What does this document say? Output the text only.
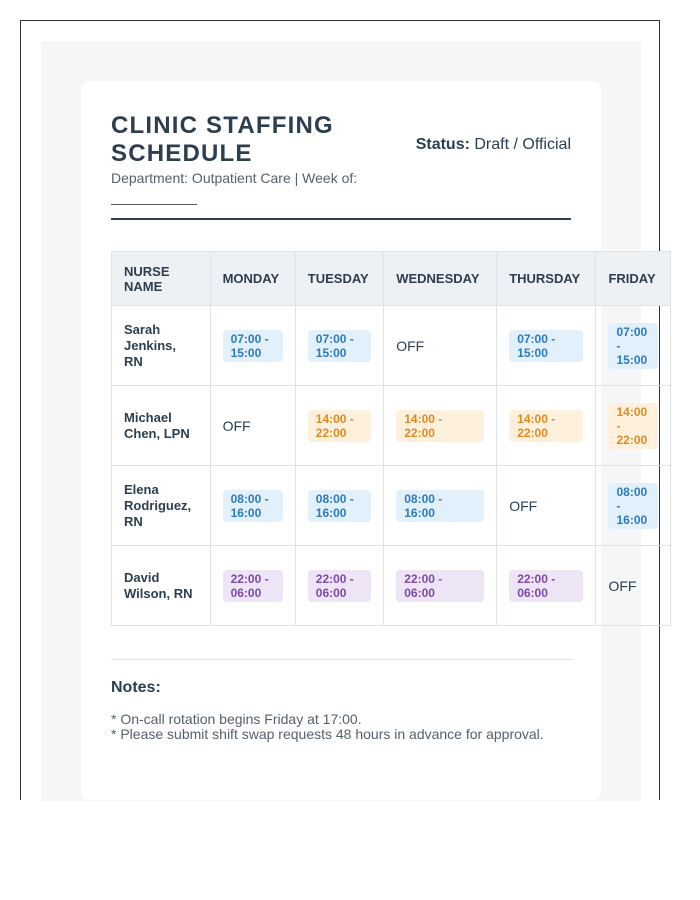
CLINIC STAFFING SCHEDULE
Department: Outpatient Care | Week of:
Status: Draft / Official
NURSE NAME	MONDAY	TUESDAY	WEDNESDAY	THURSDAY	FRIDAY

Sarah Jenkins, RN	07:00 - 15:00	07:00 - 15:00	OFF	07:00 - 15:00	07:00 - 15:00

Michael Chen, LPN	OFF	14:00 - 22:00	14:00 - 22:00	14:00 - 22:00	14:00 - 22:00

Elena Rodriguez, RN	08:00 - 16:00	08:00 - 16:00	08:00 - 16:00	OFF	08:00 - 16:00

David Wilson, RN	22:00 - 06:00	22:00 - 06:00	22:00 - 06:00	22:00 - 06:00	OFF
Notes:
* On-call rotation begins Friday at 17:00.
* Please submit shift swap requests 48 hours in advance for approval.
